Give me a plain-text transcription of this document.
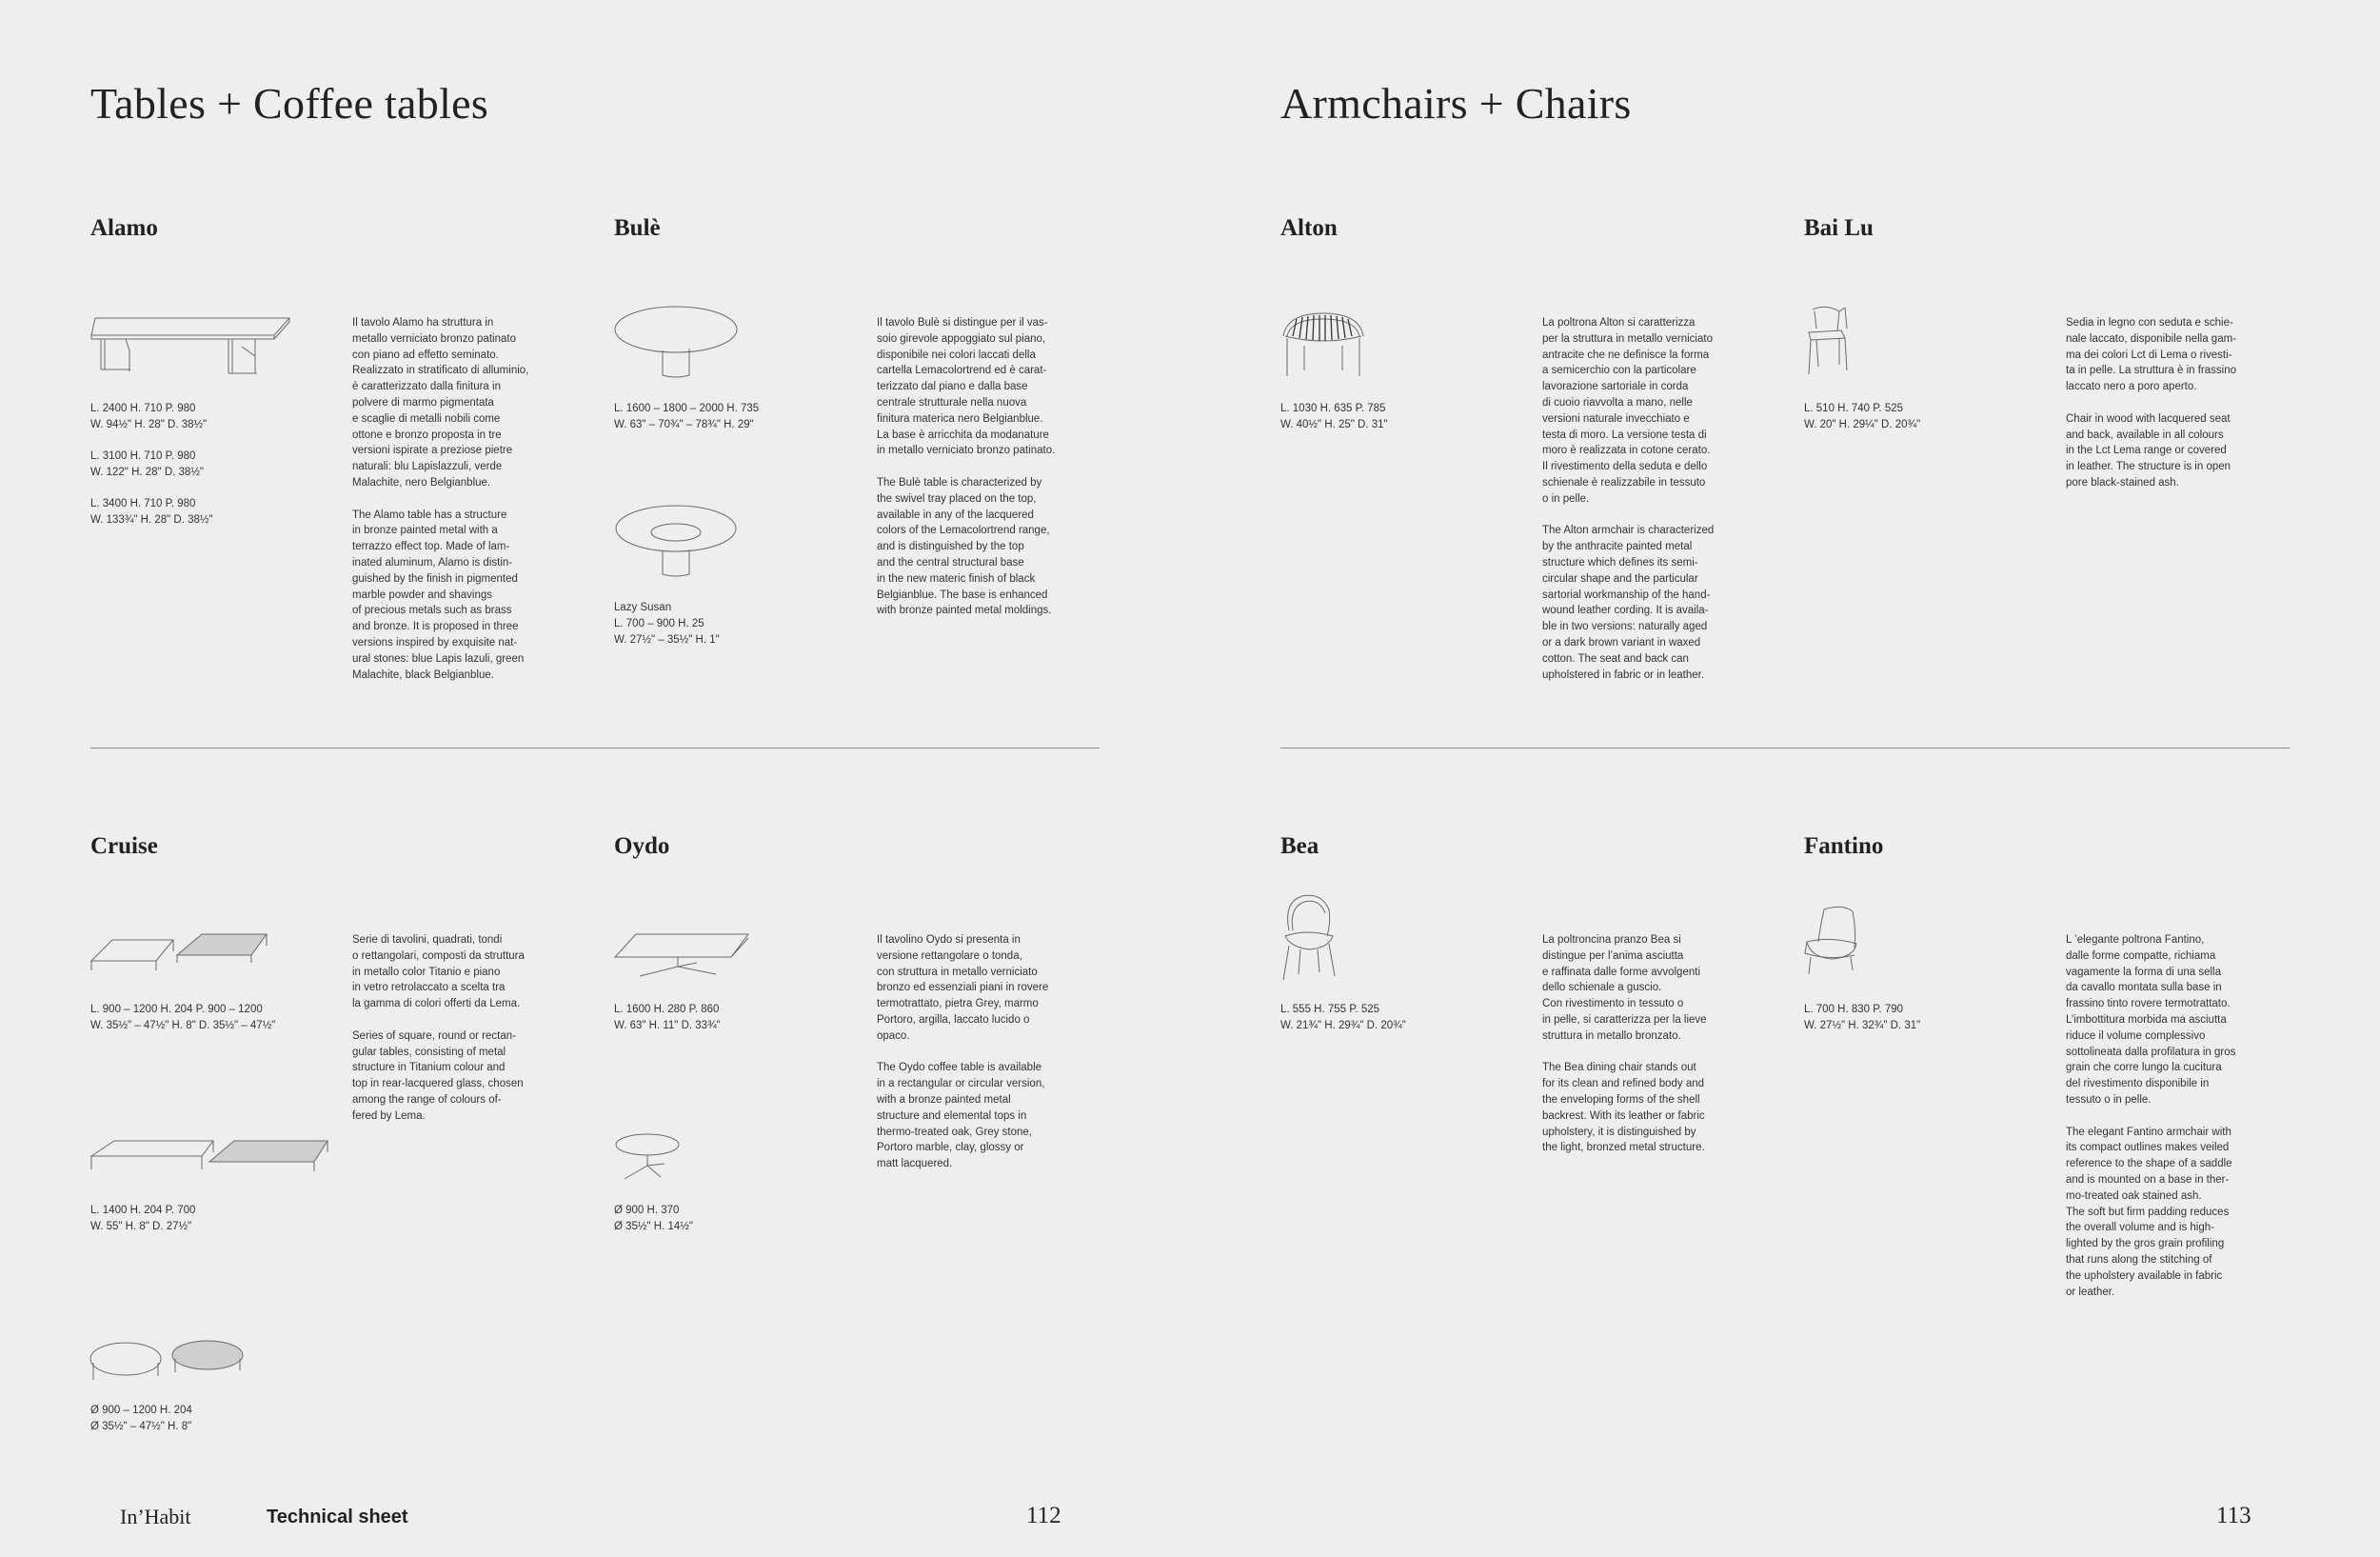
Tables + Coffee tables
Alamo
L. 2400 H. 710 P. 980
W. 94½" H. 28" D. 38½"
L. 3100 H. 710 P. 980
W. 122" H. 28" D. 38½"
L. 3400 H. 710 P. 980
W. 133¾" H. 28" D. 38½"

Il tavolo Alamo ha struttura in
metallo verniciato bronzo patinato
con piano ad effetto seminato.
Realizzato in stratificato di alluminio,
è caratterizzato dalla finitura in
polvere di marmo pigmentata
e scaglie di metalli nobili come
ottone e bronzo proposta in tre
versioni ispirate a preziose pietre
naturali: blu Lapislazzuli, verde
Malachite, nero Belgianblue.

The Alamo table has a structure
in bronze painted metal with a
terrazzo effect top. Made of lam-
inated aluminum, Alamo is distin-
guished by the finish in pigmented
marble powder and shavings
of precious metals such as brass
and bronze. It is proposed in three
versions inspired by exquisite nat-
ural stones: blue Lapis lazuli, green
Malachite, black Belgianblue.

Bulè
L. 1600 – 1800 – 2000 H. 735
W. 63" – 70¾" – 78¾" H. 29"
Lazy Susan
L. 700 – 900 H. 25
W. 27½" – 35½" H. 1"

Il tavolo Bulè si distingue per il vas-
soio girevole appoggiato sul piano,
disponibile nei colori laccati della
cartella Lemacolortrend ed è carat-
terizzato dal piano e dalla base
centrale strutturale nella nuova
finitura materica nero Belgianblue.
La base è arricchita da modanature
in metallo verniciato bronzo patinato.

The Bulè table is characterized by
the swivel tray placed on the top,
available in any of the lacquered
colors of the Lemacolortrend range,
and is distinguished by the top
and the central structural base
in the new materic finish of black
Belgianblue. The base is enhanced
with bronze painted metal moldings.

Cruise
L. 900 – 1200 H. 204 P. 900 – 1200
W. 35½" – 47½" H. 8" D. 35½" – 47½"
L. 1400 H. 204 P. 700
W. 55" H. 8" D. 27½"
Ø 900 – 1200 H. 204
Ø 35½" – 47½" H. 8"

Serie di tavolini, quadrati, tondi
o rettangolari, composti da struttura
in metallo color Titanio e piano
in vetro retrolaccato a scelta tra
la gamma di colori offerti da Lema.

Series of square, round or rectan-
gular tables, consisting of metal
structure in Titanium colour and
top in rear-lacquered glass, chosen
among the range of colours of-
fered by Lema.

Oydo
L. 1600 H. 280 P. 860
W. 63" H. 11" D. 33¾"
Ø 900 H. 370
Ø 35½" H. 14½"

Il tavolino Oydo si presenta in
versione rettangolare o tonda,
con struttura in metallo verniciato
bronzo ed essenziali piani in rovere
termotrattato, pietra Grey, marmo
Portoro, argilla, laccato lucido o
opaco.

The Oydo coffee table is available
in a rectangular or circular version,
with a bronze painted metal
structure and elemental tops in
thermo-treated oak, Grey stone,
Portoro marble, clay, glossy or
matt lacquered.

In’Habit	Technical sheet	112
Armchairs + Chairs
Alton
L. 1030 H. 635 P. 785
W. 40½" H. 25" D. 31"

La poltrona Alton si caratterizza
per la struttura in metallo verniciato
antracite che ne definisce la forma
a semicerchio con la particolare
lavorazione sartoriale in corda
di cuoio riavvolta a mano, nelle
versioni naturale invecchiato e
testa di moro. La versione testa di
moro è realizzata in cotone cerato.
Il rivestimento della seduta e dello
schienale è realizzabile in tessuto
o in pelle.

The Alton armchair is characterized
by the anthracite painted metal
structure which defines its semi-
circular shape and the particular
sartorial workmanship of the hand-
wound leather cording. It is availa-
ble in two versions: naturally aged
or a dark brown variant in waxed
cotton. The seat and back can
upholstered in fabric or in leather.

Bai Lu
L. 510 H. 740 P. 525
W. 20" H. 29¼" D. 20¾"

Sedia in legno con seduta e schie-
nale laccato, disponibile nella gam-
ma dei colori Lct di Lema o rivesti-
ta in pelle. La struttura è in frassino
laccato nero a poro aperto.

Chair in wood with lacquered seat
and back, available in all colours
in the Lct Lema range or covered
in leather. The structure is in open
pore black-stained ash.

Bea
L. 555 H. 755 P. 525
W. 21¾" H. 29¾" D. 20¾"

La poltroncina pranzo Bea si
distingue per l’anima asciutta
e raffinata dalle forme avvolgenti
dello schienale a guscio.
Con rivestimento in tessuto o
in pelle, si caratterizza per la lieve
struttura in metallo bronzato.

The Bea dining chair stands out
for its clean and refined body and
the enveloping forms of the shell
backrest. With its leather or fabric
upholstery, it is distinguished by
the light, bronzed metal structure.

Fantino
L. 700 H. 830 P. 790
W. 27½" H. 32¾" D. 31"

L ’elegante poltrona Fantino,
dalle forme compatte, richiama
vagamente la forma di una sella
da cavallo montata sulla base in
frassino tinto rovere termotrattato.
L’imbottitura morbida ma asciutta
riduce il volume complessivo
sottolineata dalla profilatura in gros
grain che corre lungo la cucitura
del rivestimento disponibile in
tessuto o in pelle.

The elegant Fantino armchair with
its compact outlines makes veiled
reference to the shape of a saddle
and is mounted on a base in ther-
mo-treated oak stained ash.
The soft but firm padding reduces
the overall volume and is high-
lighted by the gros grain profiling
that runs along the stitching of
the upholstery available in fabric
or leather.

113
